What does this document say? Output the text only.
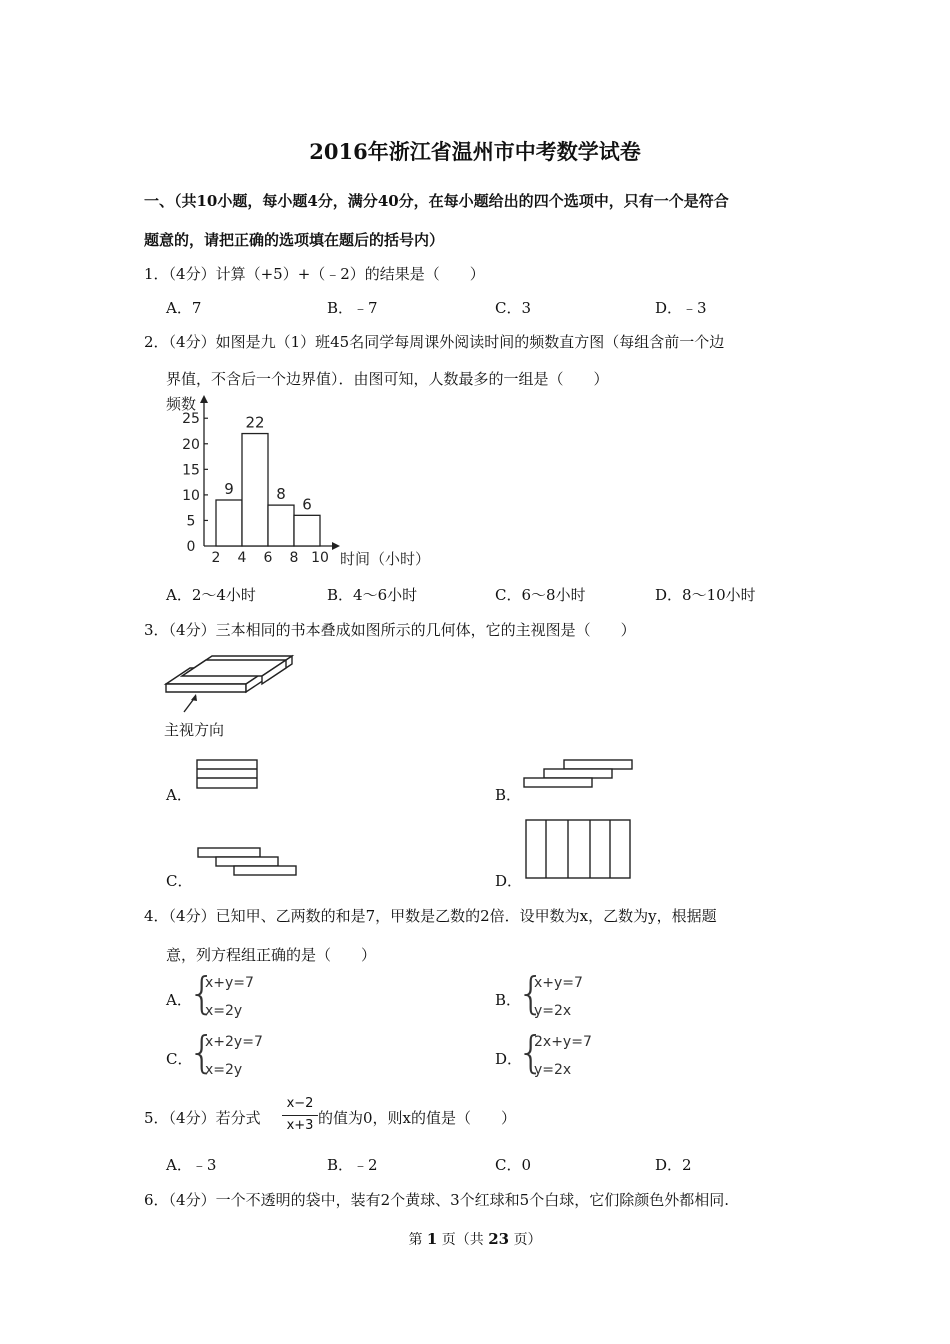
2016年浙江省温州市中考数学试卷
一、（共10小题，每小题4分，满分40分，在每小题给出的四个选项中，只有一个是符合
题意的，请把正确的选项填在题后的括号内）
1．（4分）计算（+5）+（﹣2）的结果是（　　）
A．7	B．﹣7	C．3	D．﹣3
2．（4分）如图是九（1）班45名同学每周课外阅读时间的频数直方图（每组含前一个边
界值，不含后一个边界值）．由图可知，人数最多的一组是（　　）
0
5
10
15
20
25
2 4 6 8 10
9
22
8
6
频数
时间（小时）
A．2～4小时	B．4～6小时	C．6～8小时	D．8～10小时
3．（4分）三本相同的书本叠成如图所示的几何体，它的主视图是（　　）
主视方向
A．	B．
C．	D．
4．（4分）已知甲、乙两数的和是7，甲数是乙数的2倍．设甲数为x，乙数为y，根据题
意，列方程组正确的是（　　）
A．
{
x+y=7
x=2y
B．
{
x+y=7
y=2x
C．
{
x+2y=7
x=2y
D．
{
2x+y=7
y=2x
5．（4分）若分式
x−2
x+3 的值为0，则x的值是（　　）
A．﹣3	B．﹣2	C．0	D．2
6．（4分）一个不透明的袋中，装有2个黄球、3个红球和5个白球，它们除颜色外都相同.
第 1 页（共 23 页）
